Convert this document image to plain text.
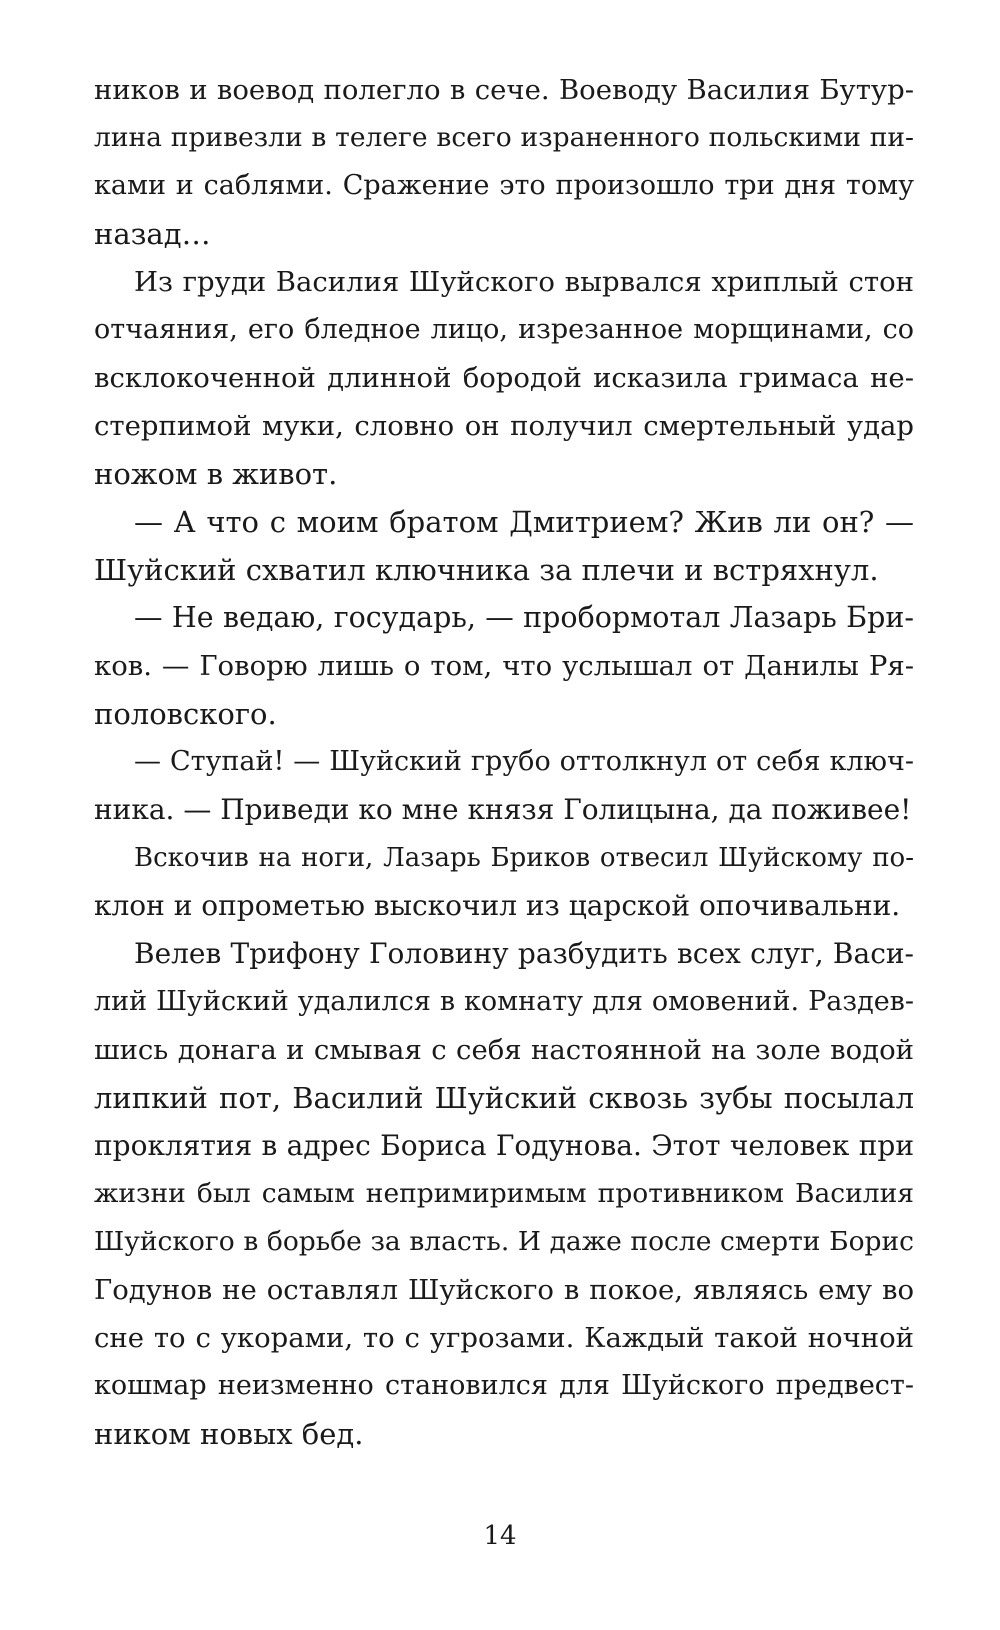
ников и воевод полегло в сече. Воеводу Василия Бутур-
лина привезли в телеге всего израненного польскими пи-
ками и саблями. Сражение это произошло три дня тому
назад…
Из груди Василия Шуйского вырвался хриплый стон
отчаяния, его бледное лицо, изрезанное морщинами, со
всклокоченной длинной бородой исказила гримаса не-
стерпимой муки, словно он получил смертельный удар
ножом в живот.
— А что с моим братом Дмитрием? Жив ли он? —
Шуйский схватил ключника за плечи и встряхнул.
— Не ведаю, государь, — пробормотал Лазарь Бри-
ков. — Говорю лишь о том, что услышал от Данилы Ря-
половского.
— Ступай! — Шуйский грубо оттолкнул от себя ключ-
ника. — Приведи ко мне князя Голицына, да поживее!
Вскочив на ноги, Лазарь Бриков отвесил Шуйскому по-
клон и опрометью выскочил из царской опочивальни.
Велев Трифону Головину разбудить всех слуг, Васи-
лий Шуйский удалился в комнату для омовений. Раздев-
шись донага и смывая с себя настоянной на золе водой
липкий пот, Василий Шуйский сквозь зубы посылал
проклятия в адрес Бориса Годунова. Этот человек при
жизни был самым непримиримым противником Василия
Шуйского в борьбе за власть. И даже после смерти Борис
Годунов не оставлял Шуйского в покое, являясь ему во
сне то с укорами, то с угрозами. Каждый такой ночной
кошмар неизменно становился для Шуйского предвест-
ником новых бед.
14
